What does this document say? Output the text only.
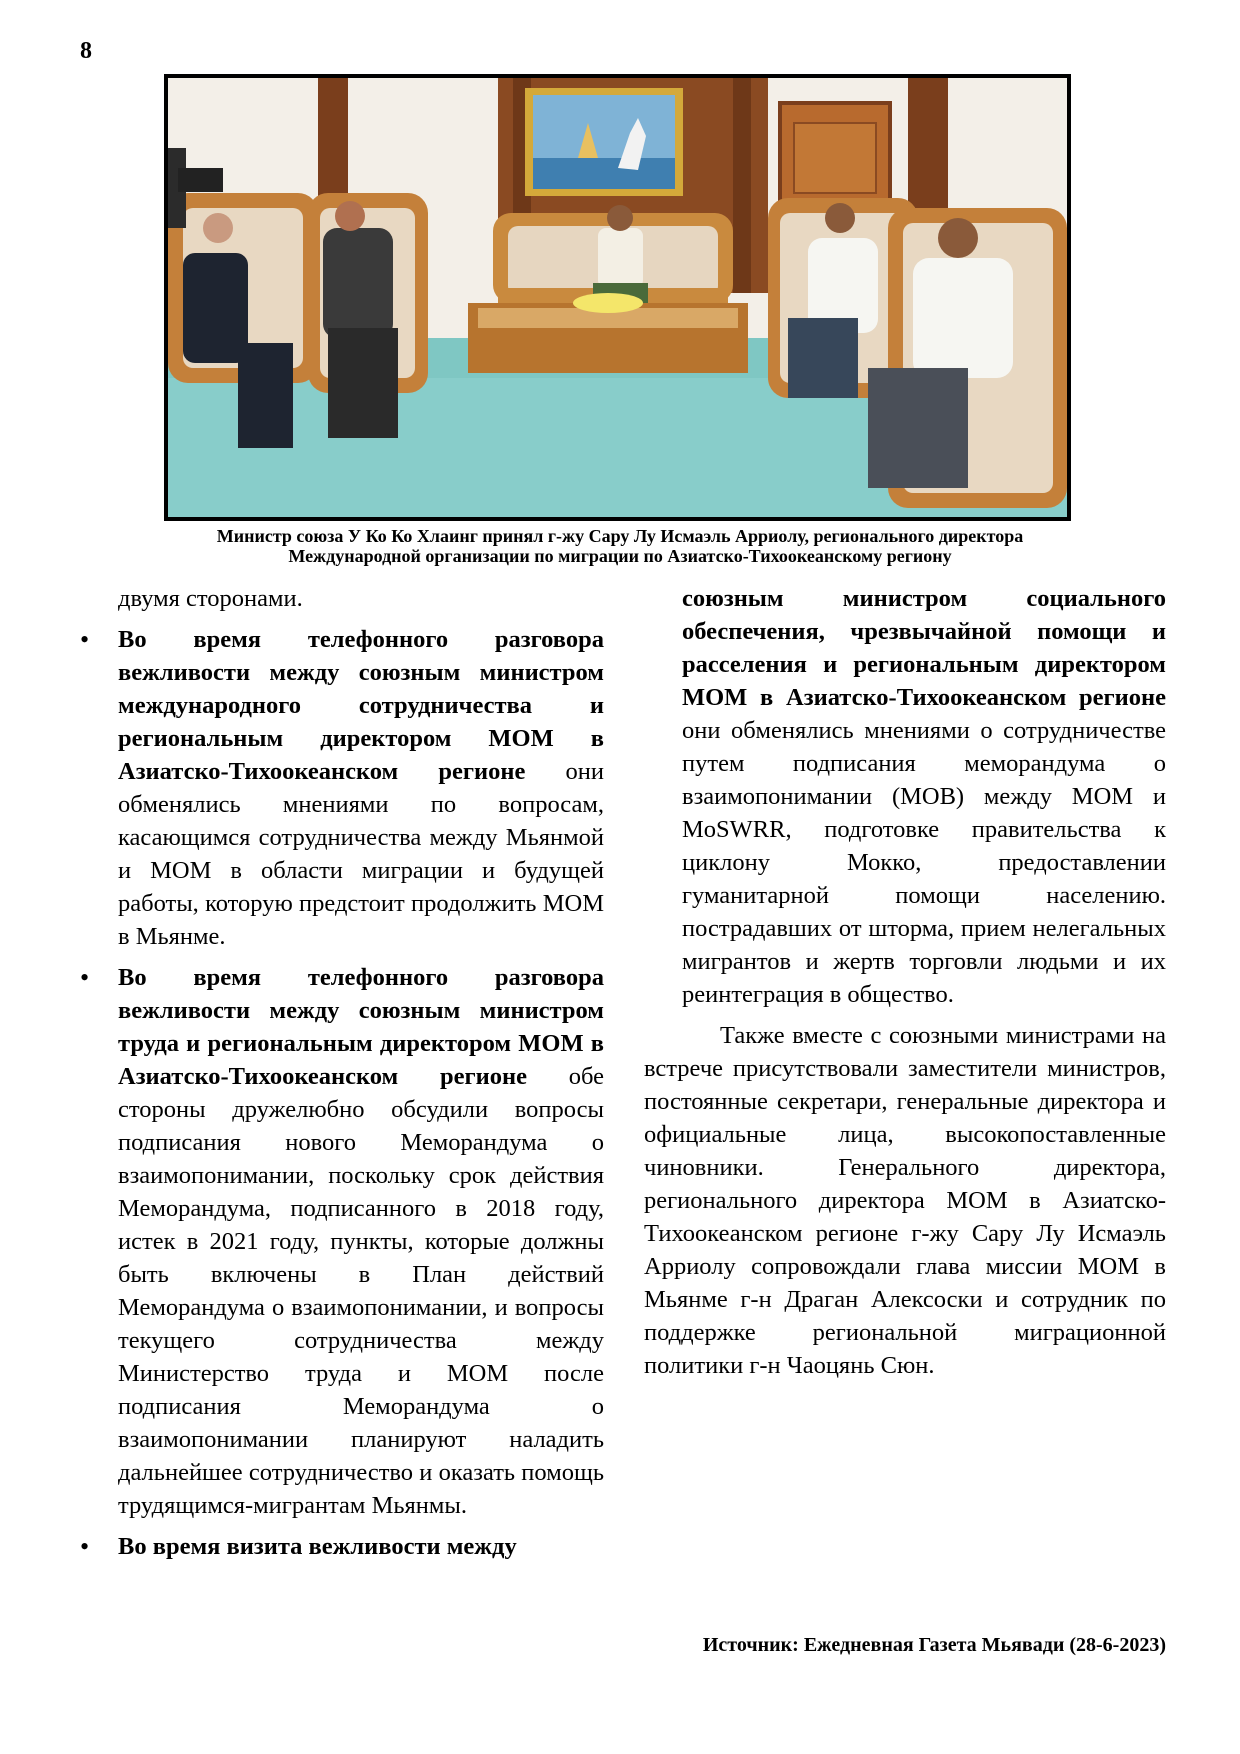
8
Министр союза У Ко Ко Хлаинг принял г-жу Сару Лу Исмаэль Арриолу, регионального директора
Международной организации по миграции по Азиатско-Тихоокеанскому региону

двумя сторонами.

• Во время телефонного разговора вежливости между союзным министром международного сотрудничества и региональным директором МОМ в Азиатско-Тихоокеанском регионе они обменялись мнениями по вопросам, касающимся сотрудничества между Мьянмой и МОМ в области миграции и будущей работы, которую предстоит продолжить МОМ в Мьянме.
• Во время телефонного разговора вежливости между союзным министром труда и региональным директором МОМ в Азиатско-Тихоокеанском регионе обе стороны дружелюбно обсудили вопросы подписания нового Меморандума о взаимопонимании, поскольку срок действия Меморандума, подписанного в 2018 году, истек в 2021 году, пункты, которые должны быть включены в План действий Меморандума о взаимопонимании, и вопросы текущего сотрудничества между Министерство труда и МОМ после подписания Меморандума о взаимопонимании планируют наладить дальнейшее сотрудничество и оказать помощь трудящимся-мигрантам Мьянмы.
• Во время визита вежливости между

союзным министром социального обеспечения, чрезвычайной помощи и расселения и региональным директором МОМ в Азиатско-Тихоокеанском регионе они обменялись мнениями о сотрудничестве путем подписания меморандума о взаимопонимании (МОВ) между МОМ и MoSWRR, подготовке правительства к циклону Мокко, предоставлении гуманитарной помощи населению. пострадавших от шторма, прием нелегальных мигрантов и жертв торговли людьми и их реинтеграция в общество.

Также вместе с союзными министрами на встрече присутствовали заместители министров, постоянные секретари, генеральные директора и официальные лица, высокопоставленные чиновники. Генерального директора, регионального директора МОМ в Азиатско-Тихоокеанском регионе г-жу Сару Лу Исмаэль Арриолу сопровождали глава миссии МОМ в Мьянме г-н Драган Алексоски и сотрудник по поддержке региональной миграционной политики г-н Чаоцянь Сюн.

Источник: Ежедневная Газета Мьявади (28-6-2023)
